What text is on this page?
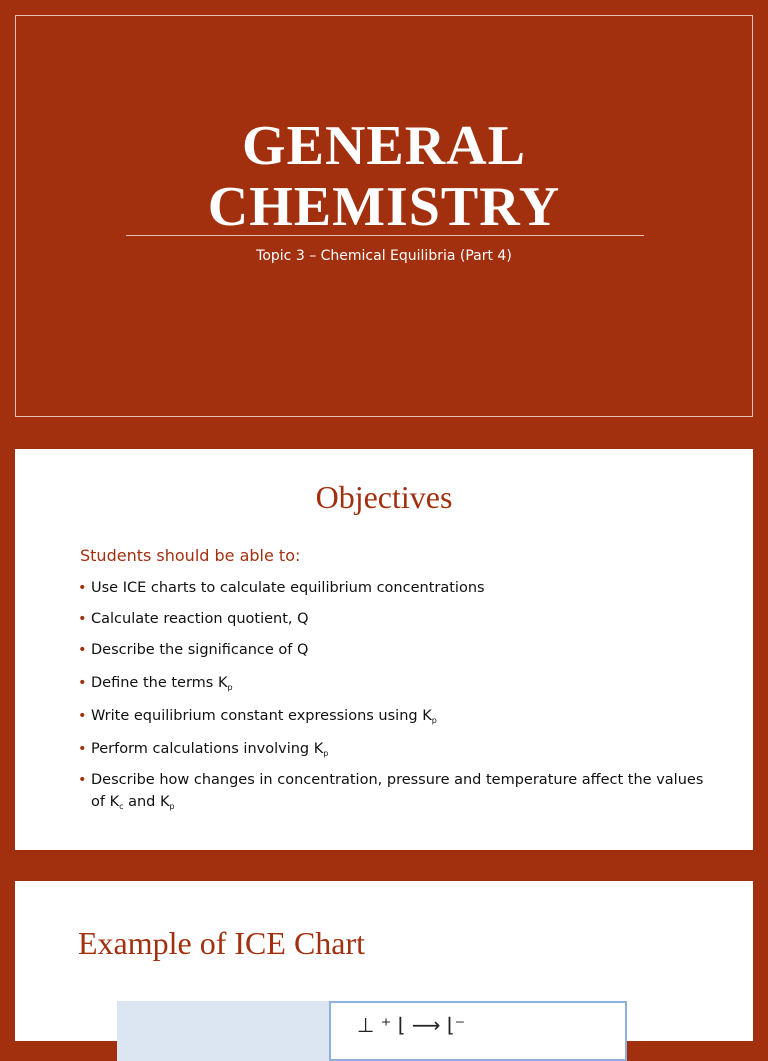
GENERAL
CHEMISTRY
Topic 3 – Chemical Equilibria (Part 4)
Objectives
Students should be able to:
• Use ICE charts to calculate equilibrium concentrations
• Calculate reaction quotient, Q
• Describe the significance of Q
• Define the terms $K_p$
• Write equilibrium constant expressions using $K_p$
• Perform calculations involving $K_p$
• Describe how changes in concentration, pressure and temperature affect the values of $K_c$ and $K_p$
Example of ICE Chart
⊥ ⁺ ⌊ ⟶ ⌊⁻
